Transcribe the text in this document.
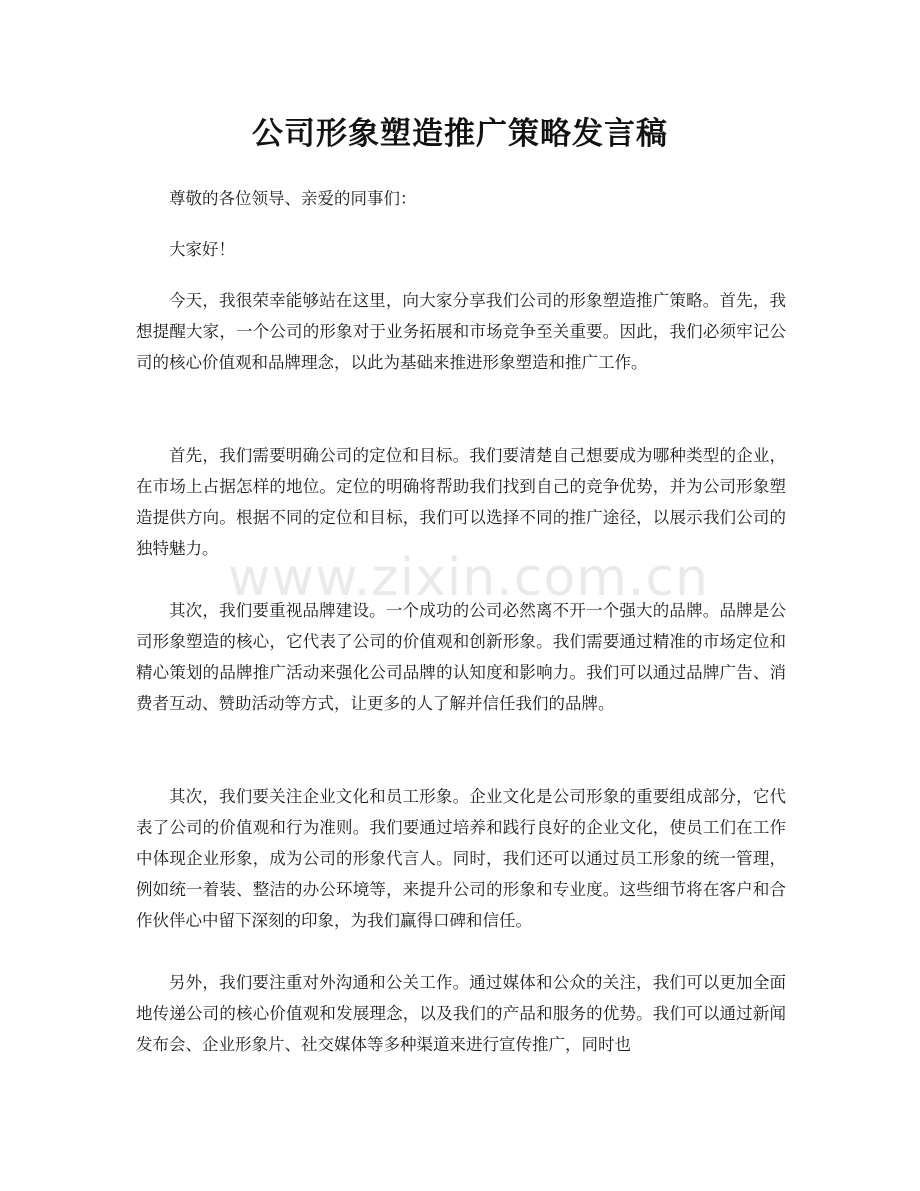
公司形象塑造推广策略发言稿

尊敬的各位领导、亲爱的同事们：

大家好！

今天，我很荣幸能够站在这里，向大家分享我们公司的形象塑造推广策略。首先，我想提醒大家，一个公司的形象对于业务拓展和市场竞争至关重要。因此，我们必须牢记公司的核心价值观和品牌理念，以此为基础来推进形象塑造和推广工作。

首先，我们需要明确公司的定位和目标。我们要清楚自己想要成为哪种类型的企业，在市场上占据怎样的地位。定位的明确将帮助我们找到自己的竞争优势，并为公司形象塑造提供方向。根据不同的定位和目标，我们可以选择不同的推广途径，以展示我们公司的独特魅力。

其次，我们要重视品牌建设。一个成功的公司必然离不开一个强大的品牌。品牌是公司形象塑造的核心，它代表了公司的价值观和创新形象。我们需要通过精准的市场定位和精心策划的品牌推广活动来强化公司品牌的认知度和影响力。我们可以通过品牌广告、消费者互动、赞助活动等方式，让更多的人了解并信任我们的品牌。

其次，我们要关注企业文化和员工形象。企业文化是公司形象的重要组成部分，它代表了公司的价值观和行为准则。我们要通过培养和践行良好的企业文化，使员工们在工作中体现企业形象，成为公司的形象代言人。同时，我们还可以通过员工形象的统一管理，例如统一着装、整洁的办公环境等，来提升公司的形象和专业度。这些细节将在客户和合作伙伴心中留下深刻的印象，为我们赢得口碑和信任。

另外，我们要注重对外沟通和公关工作。通过媒体和公众的关注，我们可以更加全面地传递公司的核心价值观和发展理念，以及我们的产品和服务的优势。我们可以通过新闻发布会、企业形象片、社交媒体等多种渠道来进行宣传推广，同时也

www.zixin.com.cn
